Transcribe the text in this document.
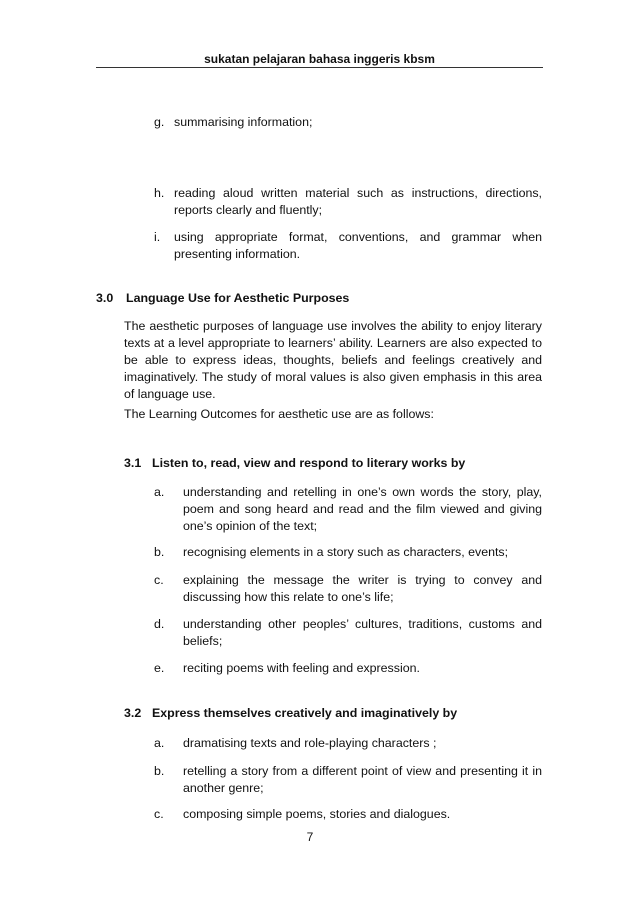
sukatan pelajaran bahasa inggeris kbsm
g. summarising information;
h. reading aloud written material such as instructions, directions, reports clearly and fluently;
i. using appropriate format, conventions, and grammar when presenting information.
3.0 Language Use for Aesthetic Purposes
The aesthetic purposes of language use involves the ability to enjoy literary texts at a level appropriate to learners’ ability. Learners are also expected to be able to express ideas, thoughts, beliefs and feelings creatively and imaginatively. The study of moral values is also given emphasis in this area of language use.
The Learning Outcomes for aesthetic use are as follows:
3.1 Listen to, read, view and respond to literary works by
a. understanding and retelling in one’s own words the story, play, poem and song heard and read and the film viewed and giving one’s opinion of the text;
b. recognising elements in a story such as characters, events;
c. explaining the message the writer is trying to convey and discussing how this relate to one’s life;
d. understanding other peoples’ cultures, traditions, customs and beliefs;
e. reciting poems with feeling and expression.
3.2 Express themselves creatively and imaginatively by
a. dramatising texts and role-playing characters ;
b. retelling a story from a different point of view and presenting it in another genre;
c. composing simple poems, stories and dialogues.
7
